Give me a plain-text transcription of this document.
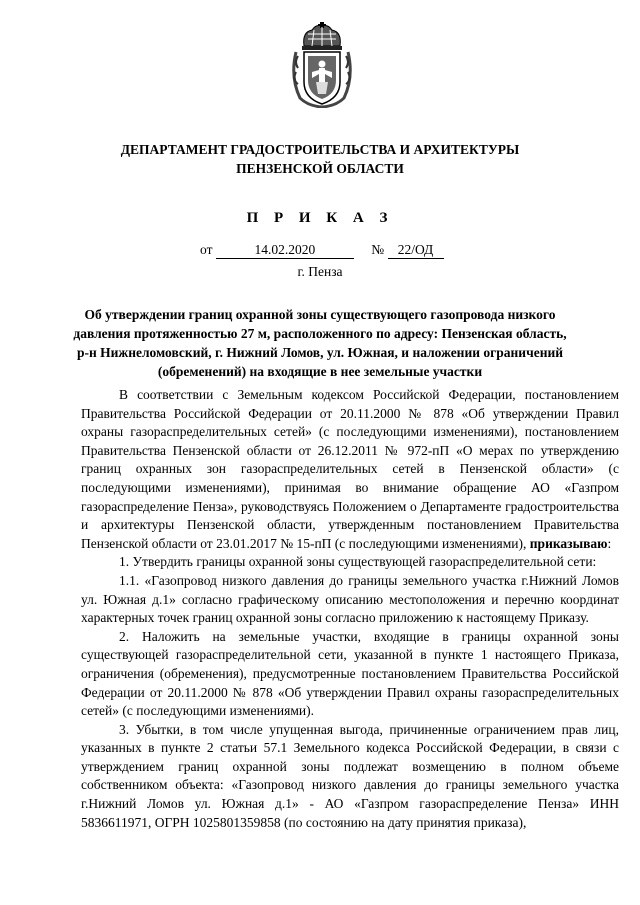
ДЕПАРТАМЕНТ ГРАДОСТРОИТЕЛЬСТВА И АРХИТЕКТУРЫ
ПЕНЗЕНСКОЙ ОБЛАСТИ
П Р И К А З
от	14.02.2020	№ 22/ОД
г. Пенза
Об утверждении границ охранной зоны существующего газопровода низкого
давления протяженностью 27 м, расположенного по адресу: Пензенская область,
р-н Нижнеломовский, г. Нижний Ломов, ул. Южная, и наложении ограничений
(обременений) на входящие в нее земельные участки

В соответствии с Земельным кодексом Российской Федерации, постановлением Правительства Российской Федерации от 20.11.2000 № 878 «Об утверждении Правил охраны газораспределительных сетей» (с последующими изменениями), постановлением Правительства Пензенской области от 26.12.2011 № 972-пП «О мерах по утверждению границ охранных зон газораспределительных сетей в Пензенской области» (с последующими изменениями), принимая во внимание обращение АО «Газпром газораспределение Пенза», руководствуясь Положением о Департаменте градостроительства и архитектуры Пензенской области, утвержденным постановлением Правительства Пензенской области от 23.01.2017 № 15-пП (с последующими изменениями), приказываю:

1. Утвердить границы охранной зоны существующей газораспределительной сети:

1.1. «Газопровод низкого давления до границы земельного участка г.Нижний Ломов ул. Южная д.1» согласно графическому описанию местоположения и перечню координат характерных точек границ охранной зоны согласно приложению к настоящему Приказу.

2. Наложить на земельные участки, входящие в границы охранной зоны существующей газораспределительной сети, указанной в пункте 1 настоящего Приказа, ограничения (обременения), предусмотренные постановлением Правительства Российской Федерации от 20.11.2000 № 878 «Об утверждении Правил охраны газораспределительных сетей» (с последующими изменениями).

3. Убытки, в том числе упущенная выгода, причиненные ограничением прав лиц, указанных в пункте 2 статьи 57.1 Земельного кодекса Российской Федерации, в связи с утверждением границ охранной зоны подлежат возмещению в полном объеме собственником объекта: «Газопровод низкого давления до границы земельного участка г.Нижний Ломов ул. Южная д.1» - АО «Газпром газораспределение Пенза» ИНН 5836611971, ОГРН 1025801359858 (по состоянию на дату принятия приказа),
